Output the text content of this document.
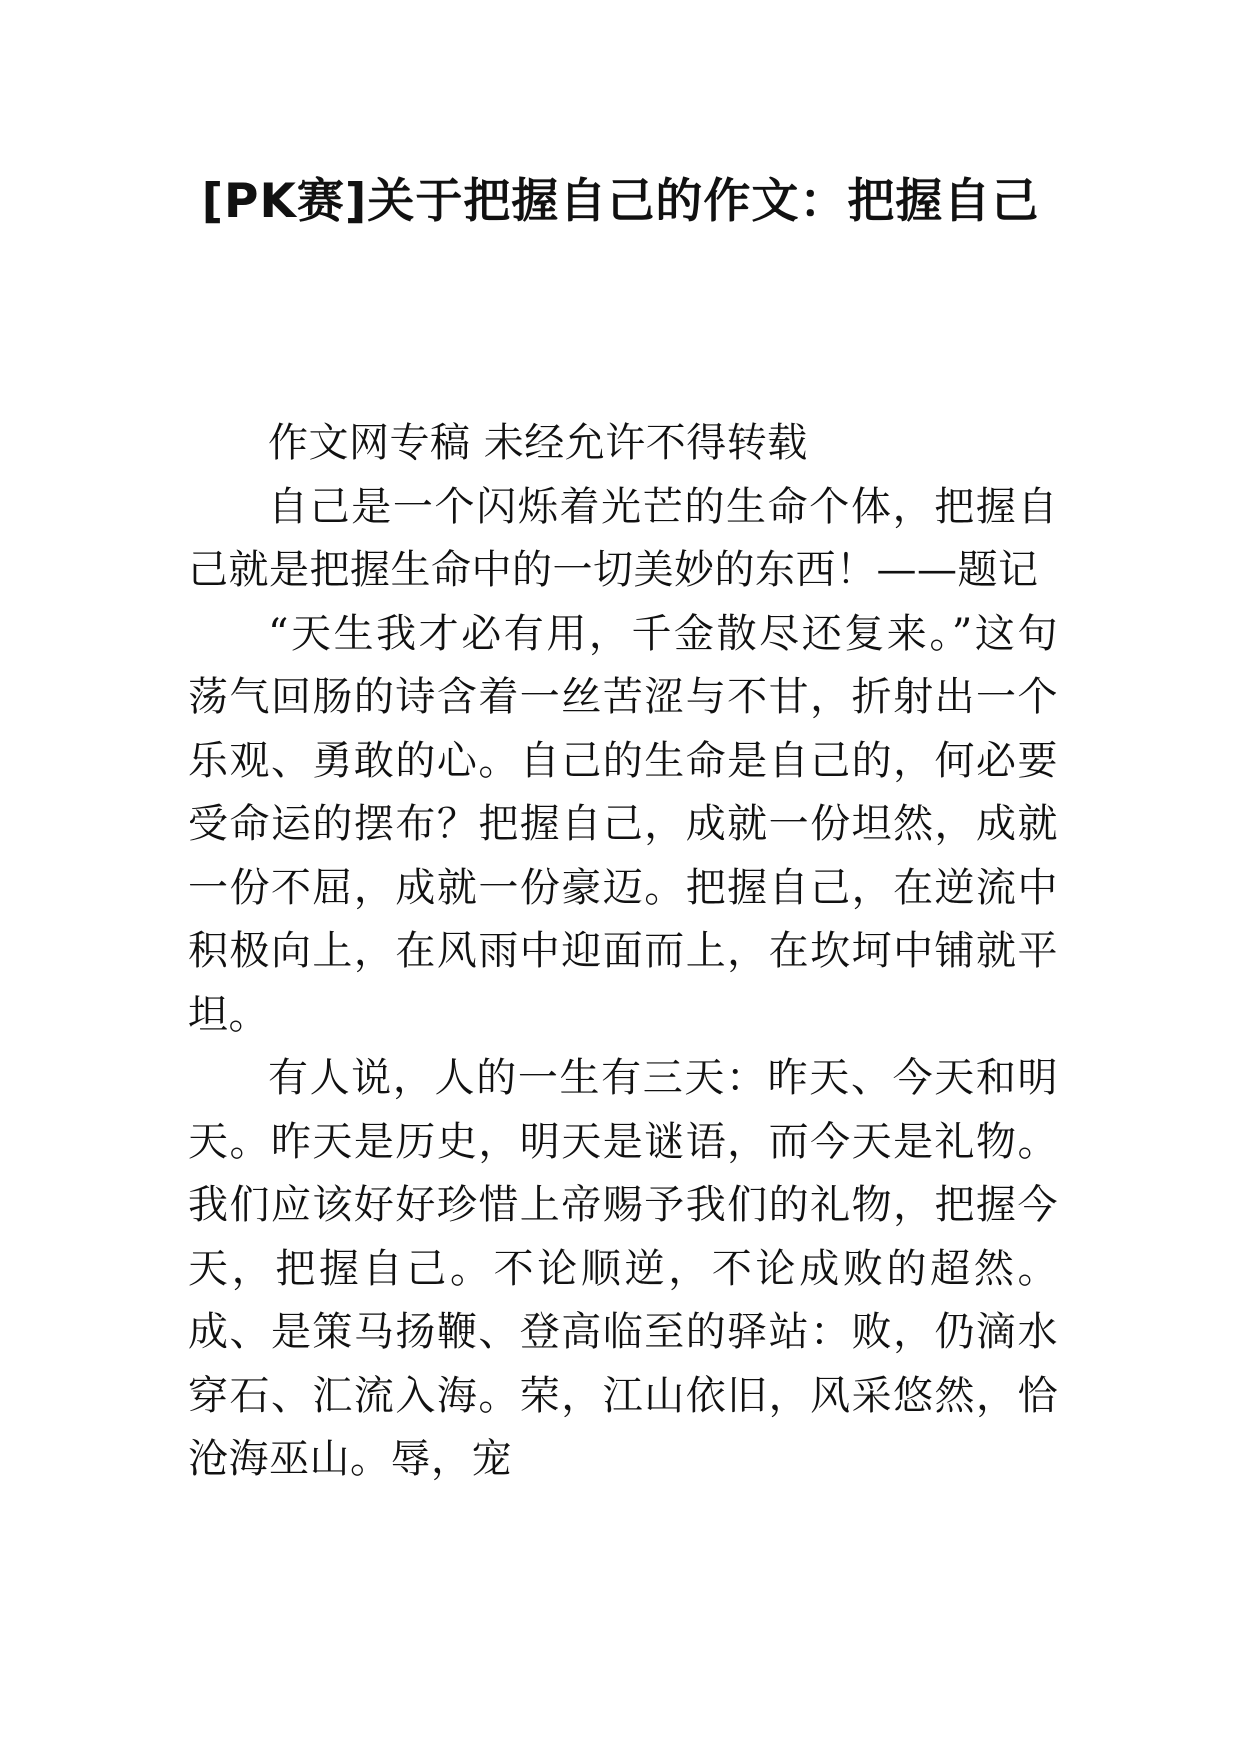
[PK赛]关于把握自己的作文：把握自己

作文网专稿 未经允许不得转载

自己是一个闪烁着光芒的生命个体，把握自己就是把握生命中的一切美妙的东西！——题记

“天生我才必有用，千金散尽还复来。”这句荡气回肠的诗含着一丝苦涩与不甘，折射出一个乐观、勇敢的心。自己的生命是自己的，何必要受命运的摆布？把握自己，成就一份坦然，成就一份不屈，成就一份豪迈。把握自己，在逆流中积极向上，在风雨中迎面而上，在坎坷中铺就平坦。

有人说，人的一生有三天：昨天、今天和明天。昨天是历史，明天是谜语，而今天是礼物。我们应该好好珍惜上帝赐予我们的礼物，把握今天，把握自己。不论顺逆，不论成败的超然。成、是策马扬鞭、登高临至的驿站：败，仍滴水穿石、汇流入海。荣，江山依旧，风采悠然，恰沧海巫山。辱，宠
